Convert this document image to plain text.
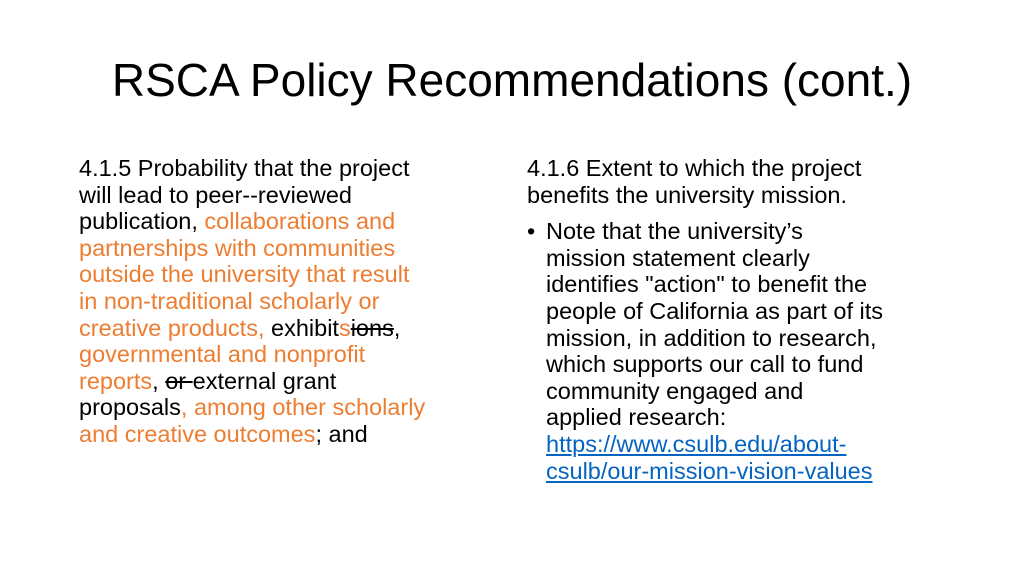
RSCA Policy Recommendations (cont.)
4.1.5 Probability that the project
will lead to peer--reviewed
publication, collaborations and
partnerships with communities
outside the university that result
in non-traditional scholarly or
creative products, exhibitsions,
governmental and nonprofit
reports, or external grant
proposals, among other scholarly
and creative outcomes; and
4.1.6 Extent to which the project
benefits the university mission.
• Note that the university’s
mission statement clearly
identifies "action" to benefit the
people of California as part of its
mission, in addition to research,
which supports our call to fund
community engaged and
applied research:
https://www.csulb.edu/about-
csulb/our-mission-vision-values
